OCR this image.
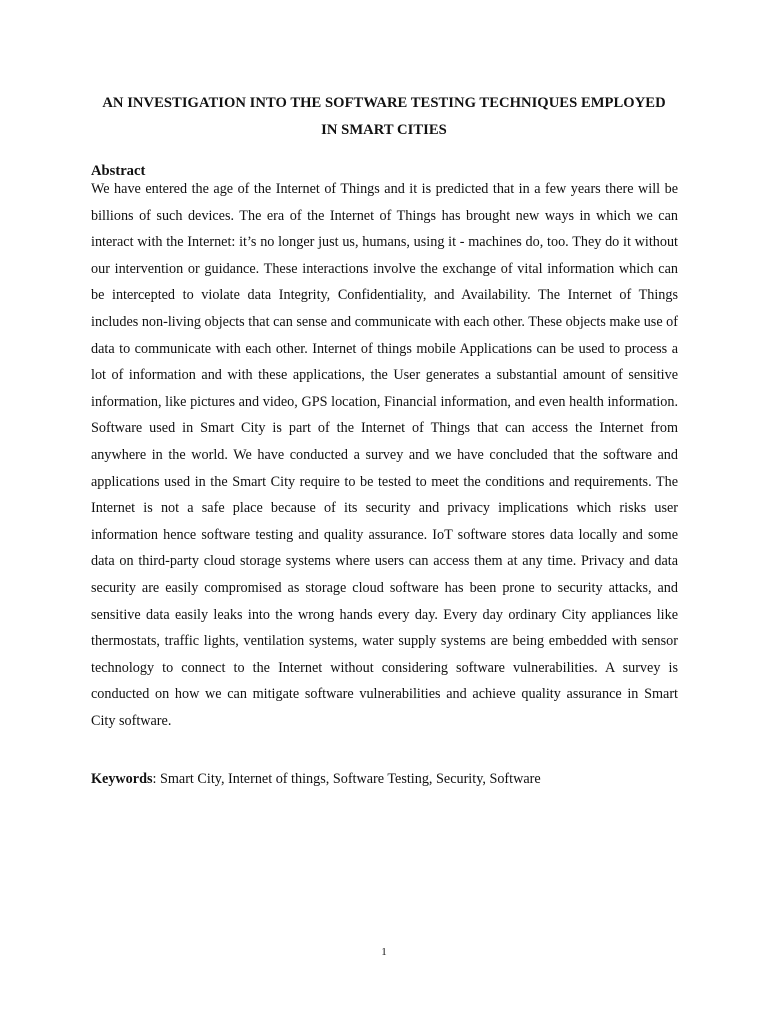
AN INVESTIGATION INTO THE SOFTWARE TESTING TECHNIQUES EMPLOYED
IN SMART CITIES
Abstract

We have entered the age of the Internet of Things and it is predicted that in a few years there will be billions of such devices. The era of the Internet of Things has brought new ways in which we can interact with the Internet: it’s no longer just us, humans, using it - machines do, too. They do it without our intervention or guidance. These interactions involve the exchange of vital information which can be intercepted to violate data Integrity, Confidentiality, and Availability. The Internet of Things includes non-living objects that can sense and communicate with each other. These objects make use of data to communicate with each other. Internet of things mobile Applications can be used to process a lot of information and with these applications, the User generates a substantial amount of sensitive information, like pictures and video, GPS location, Financial information, and even health information. Software used in Smart City is part of the Internet of Things that can access the Internet from anywhere in the world. We have conducted a survey and we have concluded that the software and applications used in the Smart City require to be tested to meet the conditions and requirements. The Internet is not a safe place because of its security and privacy implications which risks user information hence software testing and quality assurance. IoT software stores data locally and some data on third-party cloud storage systems where users can access them at any time. Privacy and data security are easily compromised as storage cloud software has been prone to security attacks, and sensitive data easily leaks into the wrong hands every day. Every day ordinary City appliances like thermostats, traffic lights, ventilation systems, water supply systems are being embedded with sensor technology to connect to the Internet without considering software vulnerabilities. A survey is conducted on how we can mitigate software vulnerabilities and achieve quality assurance in Smart City software.

Keywords: Smart City, Internet of things, Software Testing, Security, Software
1
